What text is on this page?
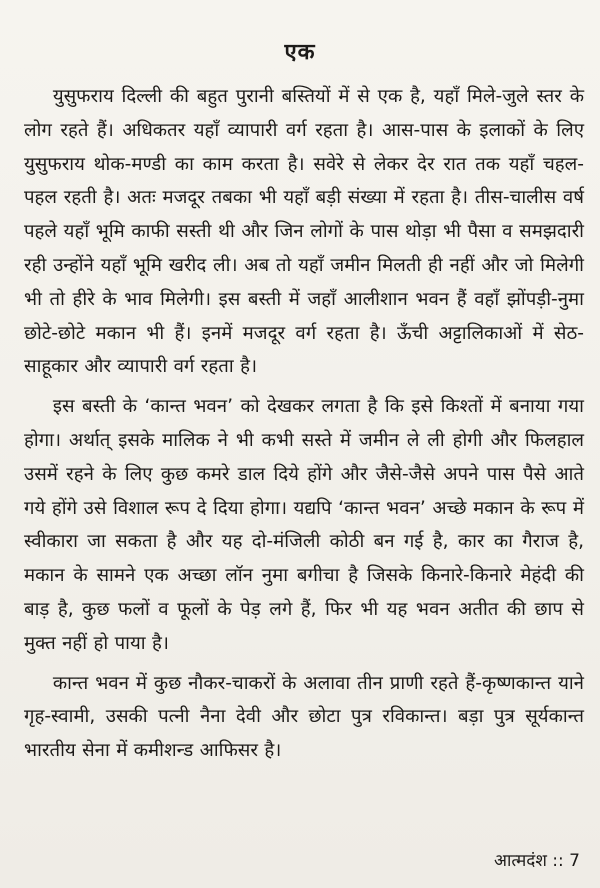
एक

युसुफराय दिल्ली की बहुत पुरानी बस्तियों में से एक है, यहाँ मिले-जुले स्तर के लोग रहते हैं। अधिकतर यहाँ व्यापारी वर्ग रहता है। आस-पास के इलाकों के लिए युसुफराय थोक-मण्डी का काम करता है। सवेरे से लेकर देर रात तक यहाँ चहल-पहल रहती है। अतः मजदूर तबका भी यहाँ बड़ी संख्या में रहता है। तीस-चालीस वर्ष पहले यहाँ भूमि काफी सस्ती थी और जिन लोगों के पास थोड़ा भी पैसा व समझदारी रही उन्होंने यहाँ भूमि खरीद ली। अब तो यहाँ जमीन मिलती ही नहीं और जो मिलेगी भी तो हीरे के भाव मिलेगी। इस बस्ती में जहाँ आलीशान भवन हैं वहाँ झोंपड़ी-नुमा छोटे-छोटे मकान भी हैं। इनमें मजदूर वर्ग रहता है। ऊँची अट्टालिकाओं में सेठ-साहूकार और व्यापारी वर्ग रहता है।

इस बस्ती के ‘कान्त भवन’ को देखकर लगता है कि इसे किश्तों में बनाया गया होगा। अर्थात् इसके मालिक ने भी कभी सस्ते में जमीन ले ली होगी और फिलहाल उसमें रहने के लिए कुछ कमरे डाल दिये होंगे और जैसे-जैसे अपने पास पैसे आते गये होंगे उसे विशाल रूप दे दिया होगा। यद्यपि ‘कान्त भवन’ अच्छे मकान के रूप में स्वीकारा जा सकता है और यह दो-मंजिली कोठी बन गई है, कार का गैराज है, मकान के सामने एक अच्छा लॉन नुमा बगीचा है जिसके किनारे-किनारे मेहंदी की बाड़ है, कुछ फलों व फूलों के पेड़ लगे हैं, फिर भी यह भवन अतीत की छाप से मुक्त नहीं हो पाया है।

कान्त भवन में कुछ नौकर-चाकरों के अलावा तीन प्राणी रहते हैं-कृष्णकान्त याने गृह-स्वामी, उसकी पत्नी नैना देवी और छोटा पुत्र रविकान्त। बड़ा पुत्र सूर्यकान्त भारतीय सेना में कमीशन्ड आफिसर है।

आत्मदंश :: 7
